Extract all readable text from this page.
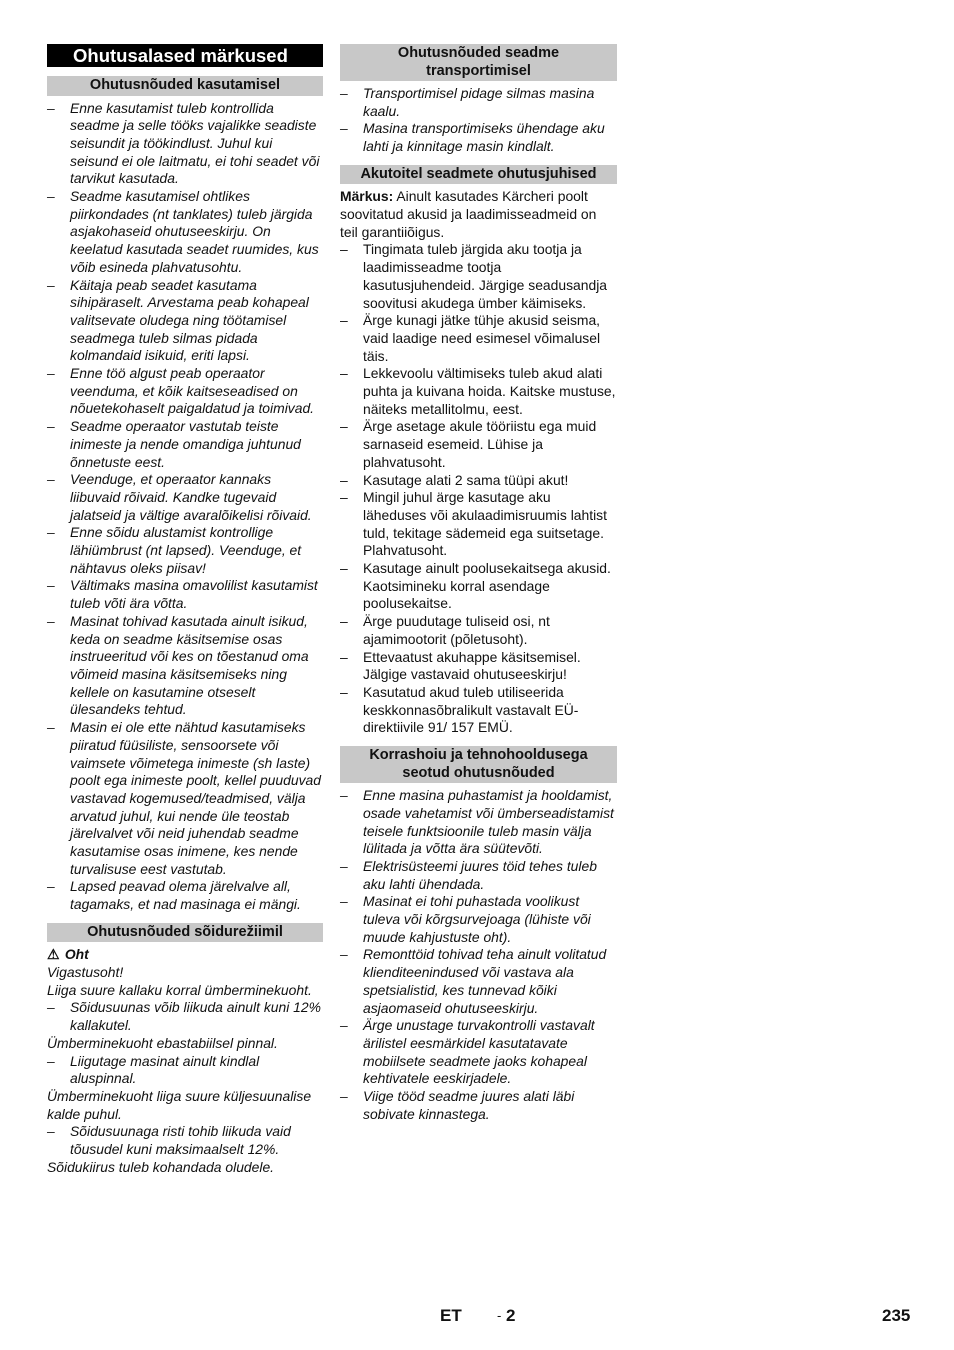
Ohutusalased märkused
Ohutusnõuded kasutamisel
– Enne kasutamist tuleb kontrollida seadme ja selle tööks vajalikke seadiste seisundit ja töökindlust. Juhul kui seisund ei ole laitmatu, ei tohi seadet või tarvikut kasutada.
– Seadme kasutamisel ohtlikes piirkondades (nt tanklates) tuleb järgida asjakohaseid ohutuseeskirju. On keelatud kasutada seadet ruumides, kus võib esineda plahvatusohtu.
– Käitaja peab seadet kasutama sihipäraselt. Arvestama peab kohapeal valitsevate oludega ning töötamisel seadmega tuleb silmas pidada kolmandaid isikuid, eriti lapsi.
– Enne töö algust peab operaator veenduma, et kõik kaitseseadised on nõuetekohaselt paigaldatud ja toimivad.
– Seadme operaator vastutab teiste inimeste ja nende omandiga juhtunud õnnetuste eest.
– Veenduge, et operaator kannaks liibuvaid rõivaid. Kandke tugevaid jalatseid ja vältige avaralõikelisi rõivaid.
– Enne sõidu alustamist kontrollige lähiümbrust (nt lapsed). Veenduge, et nähtavus oleks piisav!
– Vältimaks masina omavolilist kasutamist tuleb võti ära võtta.
– Masinat tohivad kasutada ainult isikud, keda on seadme käsitsemise osas instrueeritud või kes on tõestanud oma võimeid masina käsitsemiseks ning kellele on kasutamine otseselt ülesandeks tehtud.
– Masin ei ole ette nähtud kasutamiseks piiratud füüsiliste, sensoorsete või vaimsete võimetega inimeste (sh laste) poolt ega inimeste poolt, kellel puuduvad vastavad kogemused/teadmised, välja arvatud juhul, kui nende üle teostab järelvalvet või neid juhendab seadme kasutamise osas inimene, kes nende turvalisuse eest vastutab.
– Lapsed peavad olema järelvalve all, tagamaks, et nad masinaga ei mängi.
Ohutusnõuded sõidurežiimil
⚠ Oht

Vigastusoht!

Liiga suure kallaku korral ümberminekuoht.

– Sõidusuunas võib liikuda ainult kuni 12% kallakutel.

Ümberminekuoht ebastabiilsel pinnal.

– Liigutage masinat ainult kindlal aluspinnal.

Ümberminekuoht liiga suure küljesuunalise kalde puhul.

– Sõidusuunaga risti tohib liikuda vaid tõusudel kuni maksimaalselt 12%.

Sõidukiirus tuleb kohandada oludele.

Ohutusnõuded seadme transportimisel
– Transportimisel pidage silmas masina kaalu.
– Masina transportimiseks ühendage aku lahti ja kinnitage masin kindlalt.
Akutoitel seadmete ohutusjuhised

Märkus: Ainult kasutades Kärcheri poolt soovitatud akusid ja laadimisseadmeid on teil garantiiõigus.

– Tingimata tuleb järgida aku tootja ja laadimisseadme tootja kasutusjuhendeid. Järgige seadusandja soovitusi akudega ümber käimiseks.
– Ärge kunagi jätke tühje akusid seisma, vaid laadige need esimesel võimalusel täis.
– Lekkevoolu vältimiseks tuleb akud alati puhta ja kuivana hoida. Kaitske mustuse, näiteks metallitolmu, eest.
– Ärge asetage akule tööriistu ega muid sarnaseid esemeid. Lühise ja plahvatusoht.
– Kasutage alati 2 sama tüüpi akut!
– Mingil juhul ärge kasutage aku läheduses või akulaadimisruumis lahtist tuld, tekitage sädemeid ega suitsetage. Plahvatusoht.
– Kasutage ainult poolusekaitsega akusid. Kaotsimineku korral asendage poolusekaitse.
– Ärge puudutage tuliseid osi, nt ajamimootorit (põletusoht).
– Ettevaatust akuhappe käsitsemisel. Jälgige vastavaid ohutuseeskirju!
– Kasutatud akud tuleb utiliseerida keskkonnasõbralikult vastavalt EÜ-direktiivile 91/ 157 EMÜ.
Korrashoiu ja tehnohooldusega seotud ohutusnõuded
– Enne masina puhastamist ja hooldamist, osade vahetamist või ümberseadistamist teisele funktsioonile tuleb masin välja lülitada ja võtta ära süütevõti.
– Elektrisüsteemi juures töid tehes tuleb aku lahti ühendada.
– Masinat ei tohi puhastada voolikust tuleva või kõrgsurvejoaga (lühiste või muude kahjustuste oht).
– Remonttöid tohivad teha ainult volitatud klienditeenindused või vastava ala spetsialistid, kes tunnevad kõiki asjaomaseid ohutuseeskirju.
– Ärge unustage turvakontrolli vastavalt ärilistel eesmärkidel kasutatavate mobiilsete seadmete jaoks kohapeal kehtivatele eeskirjadele.
– Viige tööd seadme juures alati läbi sobivate kinnastega.
ET	- 2	235
